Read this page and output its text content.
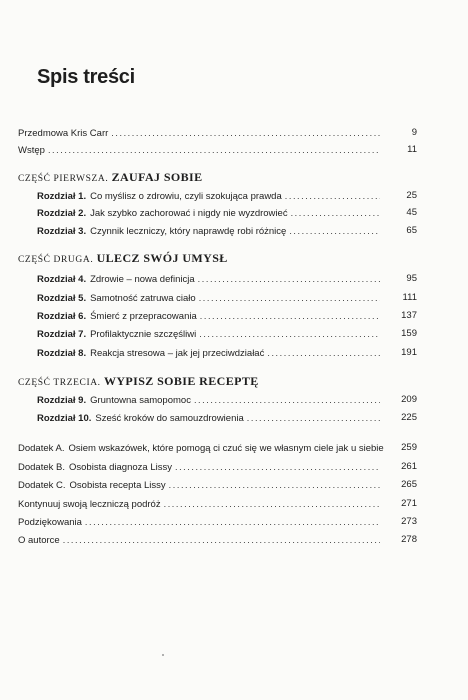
Spis treści
Przedmowa Kris Carr .....	9
Wstęp .....	11
CZĘŚĆ PIERWSZA. ZAUFAJ SOBIE
Rozdział 1. Co myślisz o zdrowiu, czyli szokująca prawda .....	25
Rozdział 2. Jak szybko zachorować i nigdy nie wyzdrowieć .....	45
Rozdział 3. Czynnik leczniczy, który naprawdę robi różnicę .....	65
CZĘŚĆ DRUGA. ULECZ SWÓJ UMYSŁ
Rozdział 4. Zdrowie – nowa definicja .....	95
Rozdział 5. Samotność zatruwa ciało .....	111
Rozdział 6. Śmierć z przepracowania .....	137
Rozdział 7. Profilaktycznie szczęśliwi .....	159
Rozdział 8. Reakcja stresowa – jak jej przeciwdziałać .....	191
CZĘŚĆ TRZECIA. WYPISZ SOBIE RECEPTĘ
Rozdział 9. Gruntowna samopomoc .....	209
Rozdział 10. Sześć kroków do samouzdrowienia .....	225
Dodatek A. Osiem wskazówek, które pomogą ci czuć się we własnym ciele jak u siebie	259
Dodatek B. Osobista diagnoza Lissy .....	261
Dodatek C. Osobista recepta Lissy .....	265
Kontynuuj swoją leczniczą podróż .....	271
Podziękowania .....	273
O autorce .....	278
